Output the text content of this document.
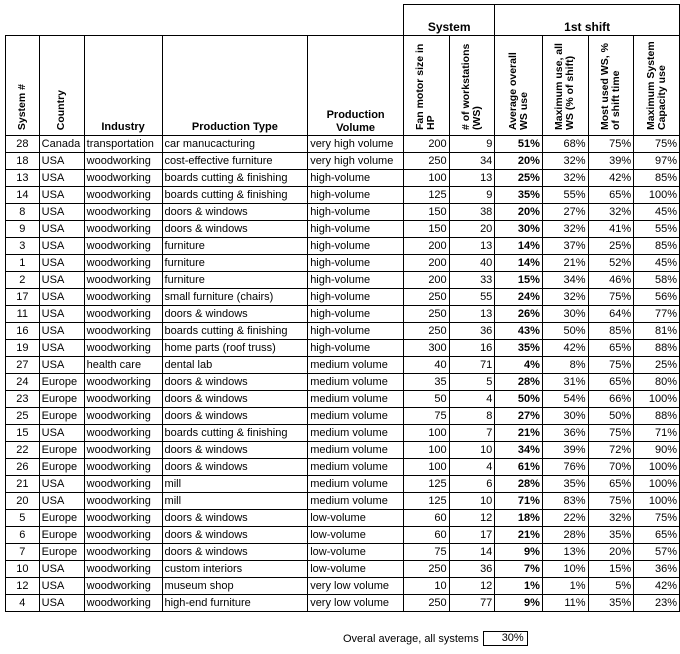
					System		1st shift			
System #	Country	Industry	Production Type	Production Volume	Fan motor size in HP	# of workstations (WS)	Average overall WS use	Maximum use, all WS (% of shift)	Most used WS, % of shift time	Maximum System Capacity use
28	Canada	transportation	car manucacturing	very high volume	200	9	51%	68%	75%	75%
18	USA	woodworking	cost-effective furniture	very high volume	250	34	20%	32%	39%	97%
13	USA	woodworking	boards cutting & finishing	high-volume	100	13	25%	32%	42%	85%
14	USA	woodworking	boards cutting & finishing	high-volume	125	9	35%	55%	65%	100%
8	USA	woodworking	doors & windows	high-volume	150	38	20%	27%	32%	45%
9	USA	woodworking	doors & windows	high-volume	150	20	30%	32%	41%	55%
3	USA	woodworking	furniture	high-volume	200	13	14%	37%	25%	85%
1	USA	woodworking	furniture	high-volume	200	40	14%	21%	52%	45%
2	USA	woodworking	furniture	high-volume	200	33	15%	34%	46%	58%
17	USA	woodworking	small furniture (chairs)	high-volume	250	55	24%	32%	75%	56%
11	USA	woodworking	doors & windows	high-volume	250	13	26%	30%	64%	77%
16	USA	woodworking	boards cutting & finishing	high-volume	250	36	43%	50%	85%	81%
19	USA	woodworking	home parts (roof truss)	high-volume	300	16	35%	42%	65%	88%
27	USA	health care	dental lab	medium volume	40	71	4%	8%	75%	25%
24	Europe	woodworking	doors & windows	medium volume	35	5	28%	31%	65%	80%
23	Europe	woodworking	doors & windows	medium volume	50	4	50%	54%	66%	100%
25	Europe	woodworking	doors & windows	medium volume	75	8	27%	30%	50%	88%
15	USA	woodworking	boards cutting & finishing	medium volume	100	7	21%	36%	75%	71%
22	Europe	woodworking	doors & windows	medium volume	100	10	34%	39%	72%	90%
26	Europe	woodworking	doors & windows	medium volume	100	4	61%	76%	70%	100%
21	USA	woodworking	mill	medium volume	125	6	28%	35%	65%	100%
20	USA	woodworking	mill	medium volume	125	10	71%	83%	75%	100%
5	Europe	woodworking	doors & windows	low-volume	60	12	18%	22%	32%	75%
6	Europe	woodworking	doors & windows	low-volume	60	17	21%	28%	35%	65%
7	Europe	woodworking	doors & windows	low-volume	75	14	9%	13%	20%	57%
10	USA	woodworking	custom interiors	low-volume	250	36	7%	10%	15%	36%
12	USA	woodworking	museum shop	very low volume	10	12	1%	1%	5%	42%
4	USA	woodworking	high-end furniture	very low volume	250	77	9%	11%	35%	23%
Overal average, all systems 30%
